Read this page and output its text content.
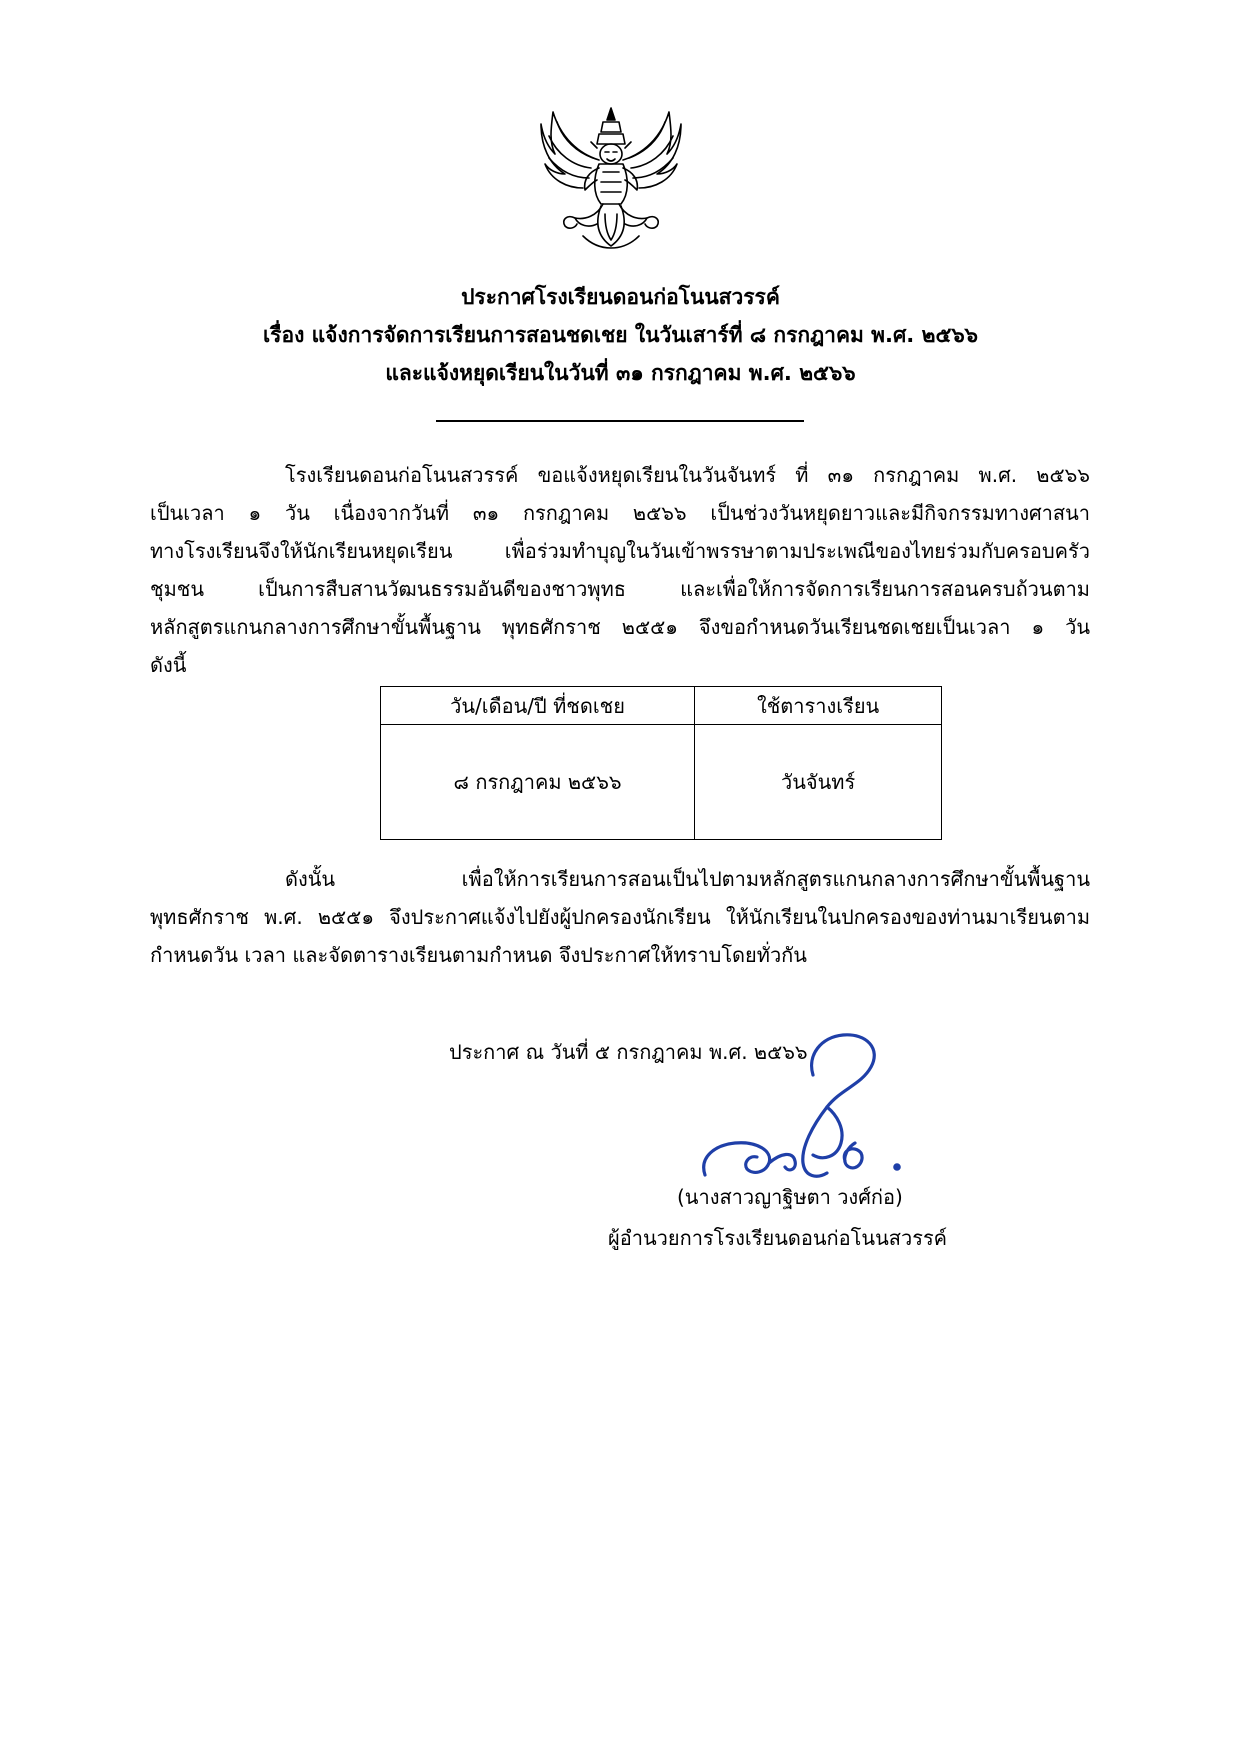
ประกาศโรงเรียนดอนก่อโนนสวรรค์
เรื่อง แจ้งการจัดการเรียนการสอนชดเชย ในวันเสาร์ที่ ๘ กรกฎาคม พ.ศ. ๒๕๖๖
และแจ้งหยุดเรียนในวันที่ ๓๑ กรกฎาคม พ.ศ. ๒๕๖๖
โรงเรียนดอนก่อโนนสวรรค์ ขอแจ้งหยุดเรียนในวันจันทร์ ที่ ๓๑ กรกฎาคม พ.ศ. ๒๕๖๖
เป็นเวลา ๑ วัน เนื่องจากวันที่ ๓๑ กรกฎาคม ๒๕๖๖ เป็นช่วงวันหยุดยาวและมีกิจกรรมทางศาสนา
ทางโรงเรียนจึงให้นักเรียนหยุดเรียน เพื่อร่วมทำบุญในวันเข้าพรรษาตามประเพณีของไทยร่วมกับครอบครัว
ชุมชน เป็นการสืบสานวัฒนธรรมอันดีของชาวพุทธ และเพื่อให้การจัดการเรียนการสอนครบถ้วนตาม
หลักสูตรแกนกลางการศึกษาขั้นพื้นฐาน พุทธศักราช ๒๕๕๑ จึงขอกำหนดวันเรียนชดเชยเป็นเวลา ๑ วัน
ดังนี้
วัน/เดือน/ปี ที่ชดเชย	ใช้ตารางเรียน
๘ กรกฎาคม ๒๕๖๖	วันจันทร์
ดังนั้น เพื่อให้การเรียนการสอนเป็นไปตามหลักสูตรแกนกลางการศึกษาขั้นพื้นฐาน
พุทธศักราช พ.ศ. ๒๕๕๑ จึงประกาศแจ้งไปยังผู้ปกครองนักเรียน ให้นักเรียนในปกครองของท่านมาเรียนตาม
กำหนดวัน เวลา และจัดตารางเรียนตามกำหนด จึงประกาศให้ทราบโดยทั่วกัน
ประกาศ ณ วันที่ ๕ กรกฎาคม พ.ศ. ๒๕๖๖
(นางสาวญาฐิษตา วงศ์ก่อ)
ผู้อำนวยการโรงเรียนดอนก่อโนนสวรรค์
